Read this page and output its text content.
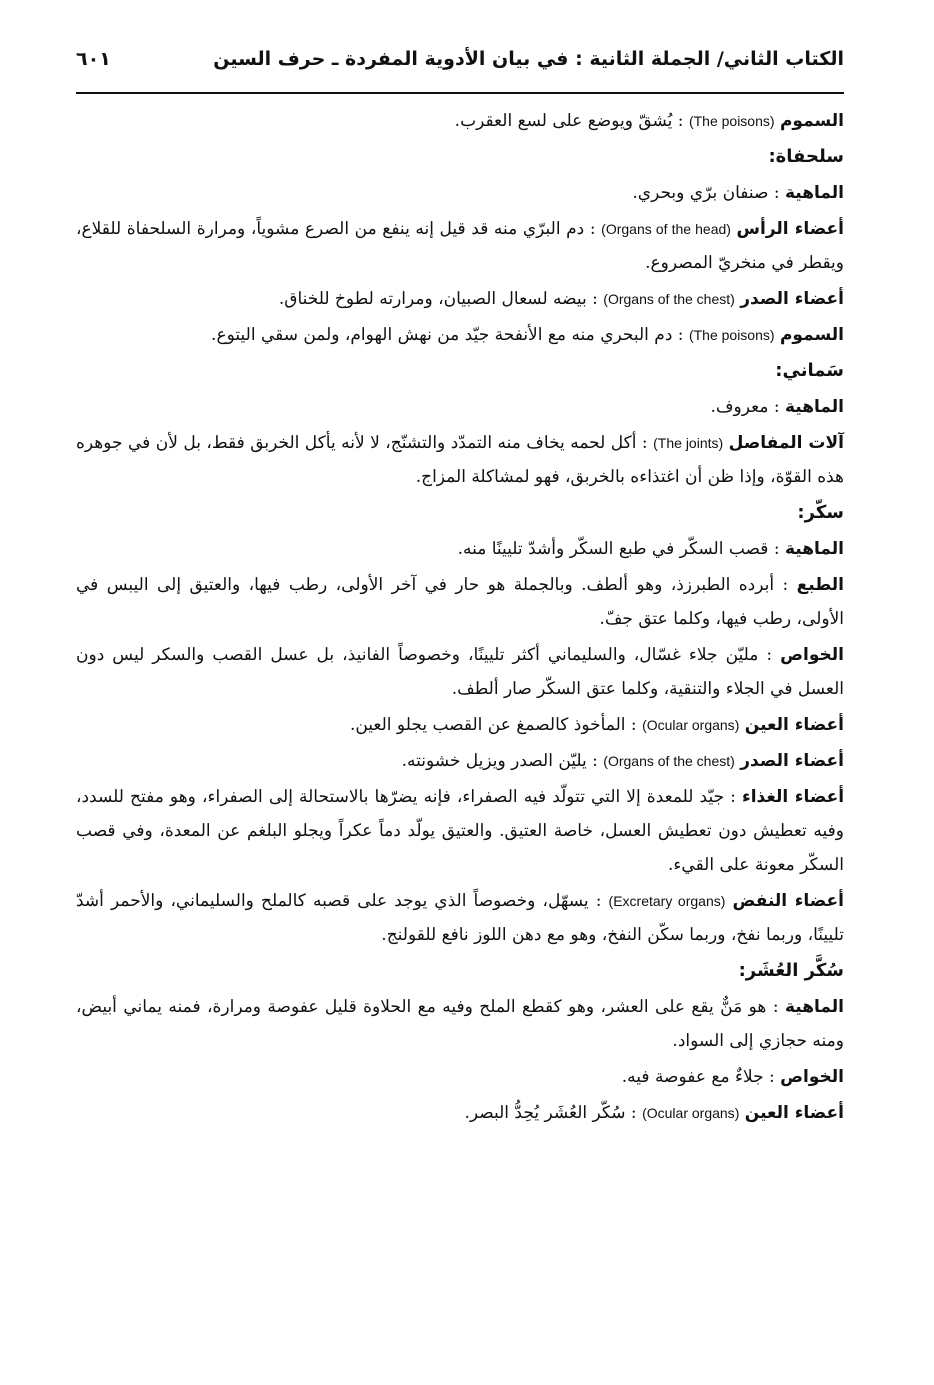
الكتاب الثاني/ الجملة الثانية : في بيان الأدوية المفردة ـ حرف السين
٦٠١

السموم (The poisons) : يُشقّ ويوضع على لسع العقرب.

سلحفاة:

الماهية : صنفان برّي وبحري.

أعضاء الرأس (Organs of the head) : دم البرّي منه قد قيل إنه ينفع من الصرع مشوياً، ومرارة السلحفاة للقلاع، ويقطر في منخريّ المصروع.

أعضاء الصدر (Organs of the chest) : بيضه لسعال الصبيان، ومرارته لطوخ للخناق.

السموم (The poisons) : دم البحري منه مع الأنفحة جيّد من نهش الهوام، ولمن سقي اليتوع.

سَماني:

الماهية : معروف.

آلات المفاصل (The joints) : أكل لحمه يخاف منه التمدّد والتشنّج، لا لأنه يأكل الخربق فقط، بل لأن في جوهره هذه القوّة، وإذا ظن أن اغتذاءه بالخربق، فهو لمشاكلة المزاج.

سكّر:

الماهية : قصب السكّر في طبع السكّر وأشدّ تليينًا منه.

الطبع : أبرده الطبرزذ، وهو ألطف. وبالجملة هو حار في آخر الأولى، رطب فيها، والعتيق إلى اليبس في الأولى، رطب فيها، وكلما عتق جفّ.

الخواص : مليّن جلاء غسّال، والسليماني أكثر تليينًا، وخصوصاً الفانيذ، بل عسل القصب والسكر ليس دون العسل في الجلاء والتنقية، وكلما عتق السكّر صار ألطف.

أعضاء العين (Ocular organs) : المأخوذ كالصمغ عن القصب يجلو العين.

أعضاء الصدر (Organs of the chest) : يليّن الصدر ويزيل خشونته.

أعضاء الغذاء : جيّد للمعدة إلا التي تتولّد فيه الصفراء، فإنه يضرّها بالاستحالة إلى الصفراء، وهو مفتح للسدد، وفيه تعطيش دون تعطيش العسل، خاصة العتيق. والعتيق يولّد دماً عكراً ويجلو البلغم عن المعدة، وفي قصب السكّر معونة على القيء.

أعضاء النفض (Excretary organs) : يسهّل، وخصوصاً الذي يوجد على قصبه كالملح والسليماني، والأحمر أشدّ تليينًا، وربما نفخ، وربما سكّن النفخ، وهو مع دهن اللوز نافع للقولنج.

سُكَّر العُشَر:

الماهية : هو مَنٌّ يقع على العشر، وهو كقطع الملح وفيه مع الحلاوة قليل عفوصة ومرارة، فمنه يماني أبيض، ومنه حجازي إلى السواد.

الخواص : جلاءٌ مع عفوصة فيه.

أعضاء العين (Ocular organs) : سُكّر العُشَر يُحِدُّ البصر.
